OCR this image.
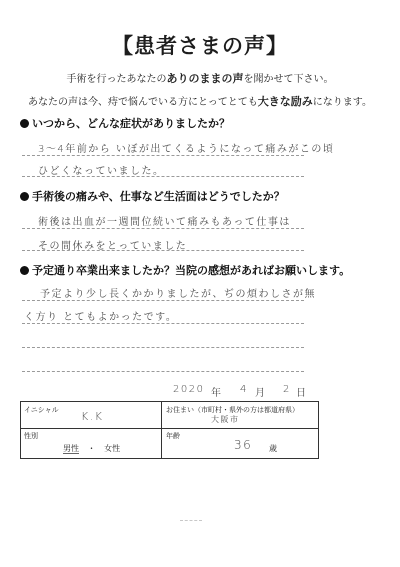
【患者さまの声】
手術を行ったあなたのありのままの声を聞かせて下さい。
あなたの声は今、痔で悩んでいる方にとってとても大きな励みになります。
いつから、どんな症状がありましたか？
3～4年前から いぼが出てくるようになって痛みがこの頃
ひどくなっていました。
手術後の痛みや、仕事など生活面はどうでしたか？
術後は出血が一週間位続いて痛みもあって仕事は
その間休みをとっていました
予定通り卒業出来ましたか？当院の感想があればお願いします。
予定より少し長くかかりましたが、ぢの煩わしさが無
く方り とてもよかったです。
2020 年 4 月 2 日
イニシャル K.K	お住まい（市町村・県外の方は都道府県）
大阪市
性別
男性 ・ 女性
年齢
36 歳
